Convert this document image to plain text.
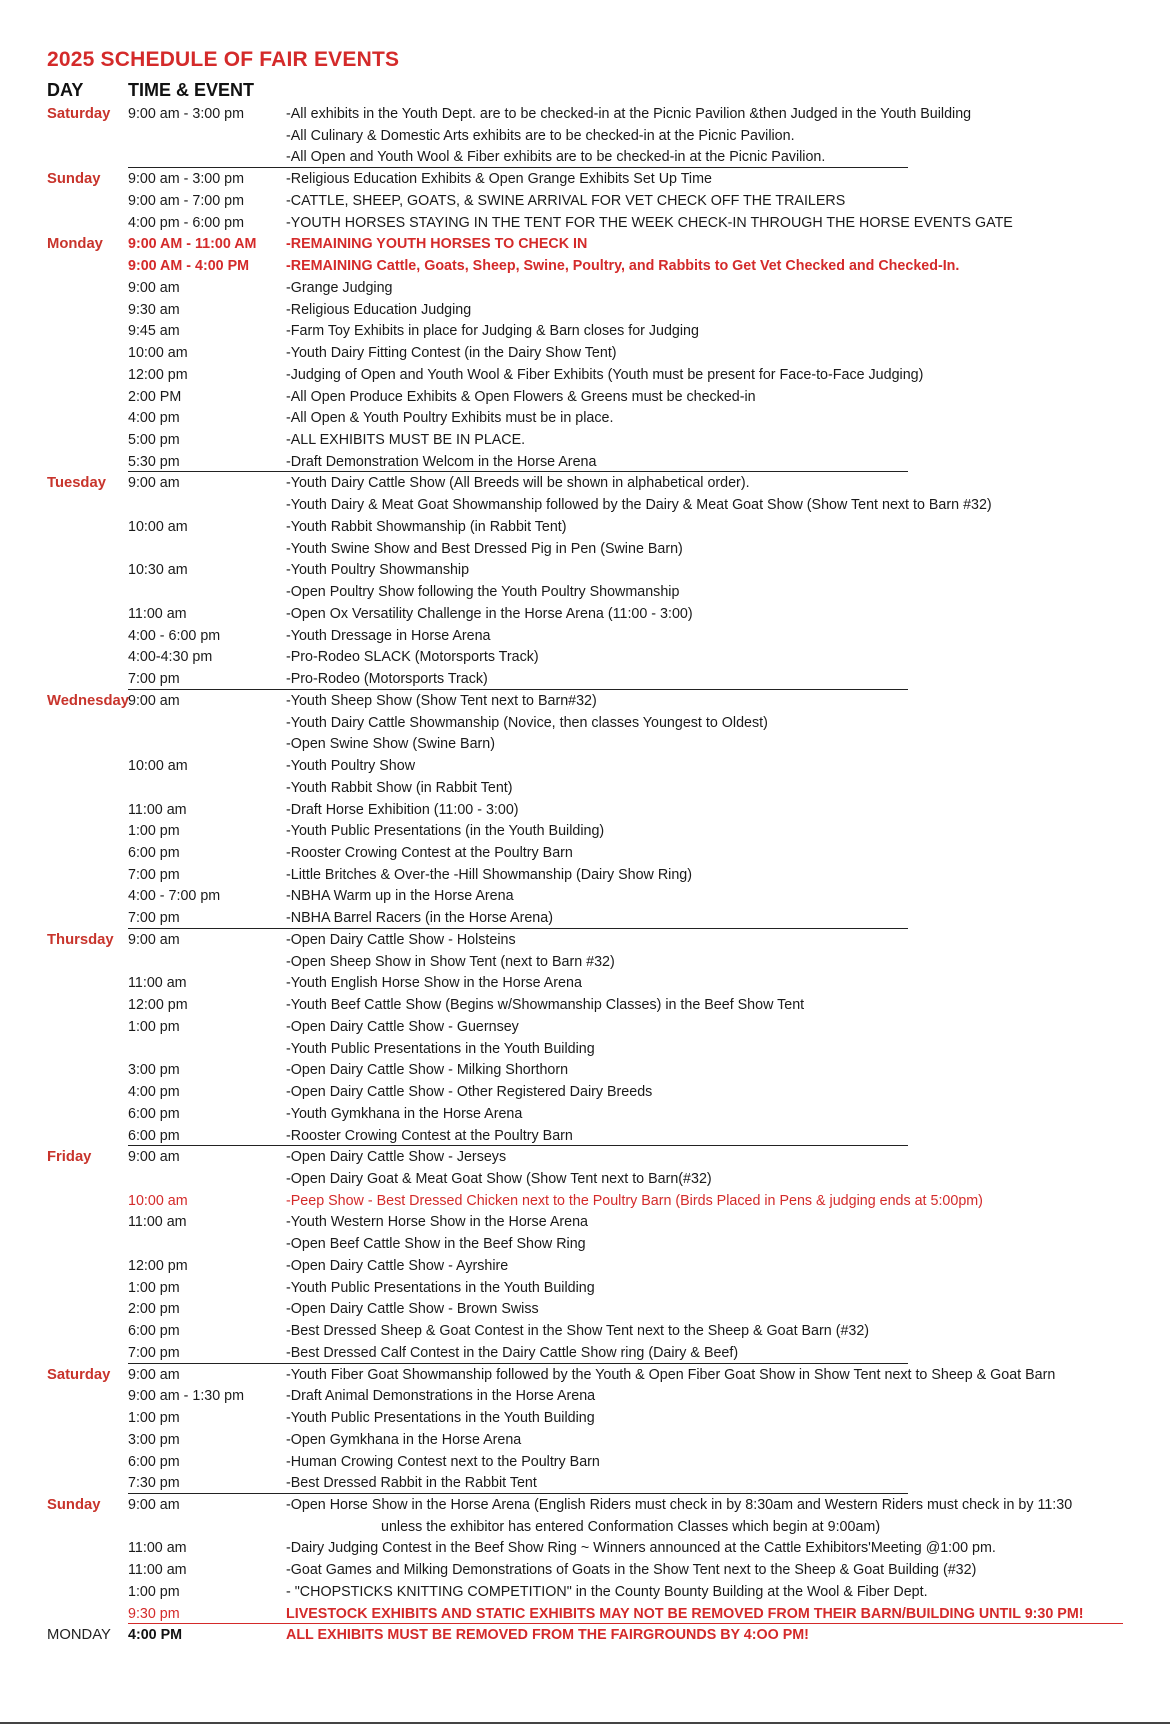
2025 SCHEDULE OF FAIR EVENTS
DAY TIME & EVENT
Saturday 9:00 am - 3:00 pm	-All exhibits in the Youth Dept. are to be checked-in at the Picnic Pavilion &then Judged in the Youth Building
-All Culinary & Domestic Arts exhibits are to be checked-in at the Picnic Pavilion.
-All Open and Youth Wool & Fiber exhibits are to be checked-in at the Picnic Pavilion.
Sunday 9:00 am - 3:00 pm	-Religious Education Exhibits & Open Grange Exhibits Set Up Time
9:00 am - 7:00 pm	-CATTLE, SHEEP, GOATS, & SWINE ARRIVAL FOR VET CHECK OFF THE TRAILERS
4:00 pm - 6:00 pm	-YOUTH HORSES STAYING IN THE TENT FOR THE WEEK CHECK-IN THROUGH THE HORSE EVENTS GATE
Monday 9:00 AM - 11:00 AM -REMAINING YOUTH HORSES TO CHECK IN
9:00 AM - 4:00 PM	-REMAINING Cattle, Goats, Sheep, Swine, Poultry, and Rabbits to Get Vet Checked and Checked-In.
9:00 am	-Grange Judging
9:30 am	-Religious Education Judging
9:45 am	-Farm Toy Exhibits in place for Judging & Barn closes for Judging
10:00 am	-Youth Dairy Fitting Contest (in the Dairy Show Tent)
12:00 pm	-Judging of Open and Youth Wool & Fiber Exhibits (Youth must be present for Face-to-Face Judging)
2:00 PM	-All Open Produce Exhibits & Open Flowers & Greens must be checked-in
4:00 pm	-All Open & Youth Poultry Exhibits must be in place.
5:00 pm	-ALL EXHIBITS MUST BE IN PLACE.
5:30 pm	-Draft Demonstration Welcom in the Horse Arena
Tuesday 9:00 am	-Youth Dairy Cattle Show (All Breeds will be shown in alphabetical order).
-Youth Dairy & Meat Goat Showmanship followed by the Dairy & Meat Goat Show (Show Tent next to Barn #32)
10:00 am	-Youth Rabbit Showmanship (in Rabbit Tent)
-Youth Swine Show and Best Dressed Pig in Pen (Swine Barn)
10:30 am	-Youth Poultry Showmanship
-Open Poultry Show following the Youth Poultry Showmanship
11:00 am	-Open Ox Versatility Challenge in the Horse Arena (11:00 - 3:00)
4:00 - 6:00 pm	-Youth Dressage in Horse Arena
4:00-4:30 pm	-Pro-Rodeo SLACK (Motorsports Track)
7:00 pm	-Pro-Rodeo (Motorsports Track)
Wednesday 9:00 am	-Youth Sheep Show (Show Tent next to Barn#32)
-Youth Dairy Cattle Showmanship (Novice, then classes Youngest to Oldest)
-Open Swine Show (Swine Barn)
10:00 am	-Youth Poultry Show
-Youth Rabbit Show (in Rabbit Tent)
11:00 am	-Draft Horse Exhibition (11:00 - 3:00)
1:00 pm	-Youth Public Presentations (in the Youth Building)
6:00 pm	-Rooster Crowing Contest at the Poultry Barn
7:00 pm	-Little Britches & Over-the -Hill Showmanship (Dairy Show Ring)
4:00 - 7:00 pm	-NBHA Warm up in the Horse Arena
7:00 pm	-NBHA Barrel Racers (in the Horse Arena)
Thursday 9:00 am	-Open Dairy Cattle Show - Holsteins
-Open Sheep Show in Show Tent (next to Barn #32)
11:00 am	-Youth English Horse Show in the Horse Arena
12:00 pm	-Youth Beef Cattle Show (Begins w/Showmanship Classes) in the Beef Show Tent
1:00 pm	-Open Dairy Cattle Show - Guernsey
-Youth Public Presentations in the Youth Building
3:00 pm	-Open Dairy Cattle Show - Milking Shorthorn
4:00 pm	-Open Dairy Cattle Show - Other Registered Dairy Breeds
6:00 pm	-Youth Gymkhana in the Horse Arena
6:00 pm	-Rooster Crowing Contest at the Poultry Barn
Friday	9:00 am	-Open Dairy Cattle Show - Jerseys
-Open Dairy Goat & Meat Goat Show (Show Tent next to Barn(#32)
10:00 am	-Peep Show - Best Dressed Chicken next to the Poultry Barn (Birds Placed in Pens & judging ends at 5:00pm)
11:00 am	-Youth Western Horse Show in the Horse Arena
-Open Beef Cattle Show in the Beef Show Ring
12:00 pm	-Open Dairy Cattle Show - Ayrshire
1:00 pm	-Youth Public Presentations in the Youth Building
2:00 pm	-Open Dairy Cattle Show - Brown Swiss
6:00 pm	-Best Dressed Sheep & Goat Contest in the Show Tent next to the Sheep & Goat Barn (#32)
7:00 pm	-Best Dressed Calf Contest in the Dairy Cattle Show ring (Dairy & Beef)
Saturday 9:00 am	-Youth Fiber Goat Showmanship followed by the Youth & Open Fiber Goat Show in Show Tent next to Sheep & Goat Barn
9:00 am - 1:30 pm	-Draft Animal Demonstrations in the Horse Arena
1:00 pm	-Youth Public Presentations in the Youth Building
3:00 pm	-Open Gymkhana in the Horse Arena
6:00 pm	-Human Crowing Contest next to the Poultry Barn
7:30 pm	-Best Dressed Rabbit in the Rabbit Tent
Sunday 9:00 am	-Open Horse Show in the Horse Arena (English Riders must check in by 8:30am and Western Riders must check in by 11:30
unless the exhibitor has entered Conformation Classes which begin at 9:00am)
11:00 am	-Dairy Judging Contest in the Beef Show Ring ~ Winners announced at the Cattle Exhibitors'Meeting @1:00 pm.
11:00 am	-Goat Games and Milking Demonstrations of Goats in the Show Tent next to the Sheep & Goat Building (#32)
1:00 pm	- "CHOPSTICKS KNITTING COMPETITION" in the County Bounty Building at the Wool & Fiber Dept.
9:30 pm	LIVESTOCK EXHIBITS AND STATIC EXHIBITS MAY NOT BE REMOVED FROM THEIR BARN/BUILDING UNTIL 9:30 PM!
MONDAY 4:00 PM	ALL EXHIBITS MUST BE REMOVED FROM THE FAIRGROUNDS BY 4:OO PM!
